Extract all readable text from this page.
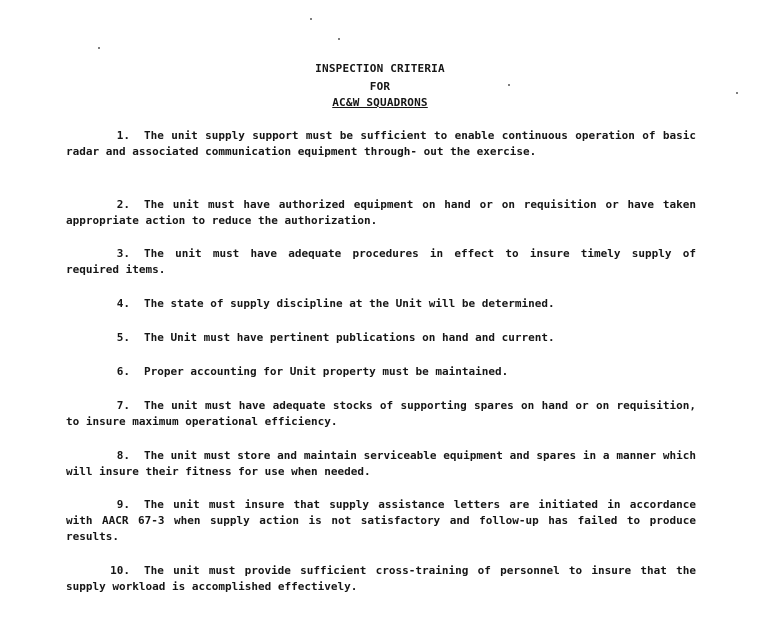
INSPECTION CRITERIA
FOR
AC&W SQUADRONS
1. The unit supply support must be sufficient to enable continuous operation of basic radar and associated communication equipment through- out the exercise.
2. The unit must have authorized equipment on hand or on requisition or have taken appropriate action to reduce the authorization.
3. The unit must have adequate procedures in effect to insure timely supply of required items.
4. The state of supply discipline at the Unit will be determined.
5. The Unit must have pertinent publications on hand and current.
6. Proper accounting for Unit property must be maintained.
7. The unit must have adequate stocks of supporting spares on hand or on requisition, to insure maximum operational efficiency.
8. The unit must store and maintain serviceable equipment and spares in a manner which will insure their fitness for use when needed.
9. The unit must insure that supply assistance letters are initiated in accordance with AACR 67-3 when supply action is not satisfactory and follow-up has failed to produce results.
10. The unit must provide sufficient cross-training of personnel to insure that the supply workload is accomplished effectively.
